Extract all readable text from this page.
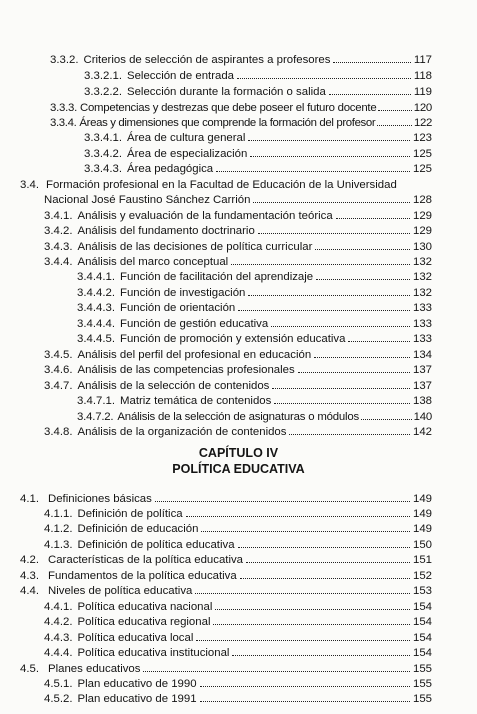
3.3.2. Criterios de selección de aspirantes a profesores	117
3.3.2.1. Selección de entrada	118
3.3.2.2. Selección durante la formación o salida	119
3.3.3. Competencias y destrezas que debe poseer el futuro docente	120
3.3.4. Áreas y dimensiones que comprende la formación del profesor	122
3.3.4.1. Área de cultura general	123
3.3.4.2. Área de especialización	125
3.3.4.3. Área pedagógica	125
3.4. Formación profesional en la Facultad de Educación de la Universidad
Nacional José Faustino Sánchez Carrión	128
3.4.1. Análisis y evaluación de la fundamentación teórica	129
3.4.2. Análisis del fundamento doctrinario	129
3.4.3. Análisis de las decisiones de política curricular	130
3.4.4. Análisis del marco conceptual	132
3.4.4.1. Función de facilitación del aprendizaje	132
3.4.4.2. Función de investigación	132
3.4.4.3. Función de orientación	133
3.4.4.4. Función de gestión educativa	133
3.4.4.5. Función de promoción y extensión educativa	133
3.4.5. Análisis del perfil del profesional en educación	134
3.4.6. Análisis de las competencias profesionales	137
3.4.7. Análisis de la selección de contenidos	137
3.4.7.1. Matriz temática de contenidos	138
3.4.7.2. Análisis de la selección de asignaturas o módulos	140
3.4.8. Análisis de la organización de contenidos	142
CAPÍTULO IV
POLÍTICA EDUCATIVA
4.1. Definiciones básicas	149
4.1.1. Definición de política	149
4.1.2. Definición de educación	149
4.1.3. Definición de política educativa	150
4.2. Características de la política educativa	151
4.3. Fundamentos de la política educativa	152
4.4. Niveles de política educativa	153
4.4.1. Política educativa nacional	154
4.4.2. Política educativa regional	154
4.4.3. Política educativa local	154
4.4.4. Política educativa institucional	154
4.5. Planes educativos	155
4.5.1. Plan educativo de 1990	155
4.5.2. Plan educativo de 1991	155
